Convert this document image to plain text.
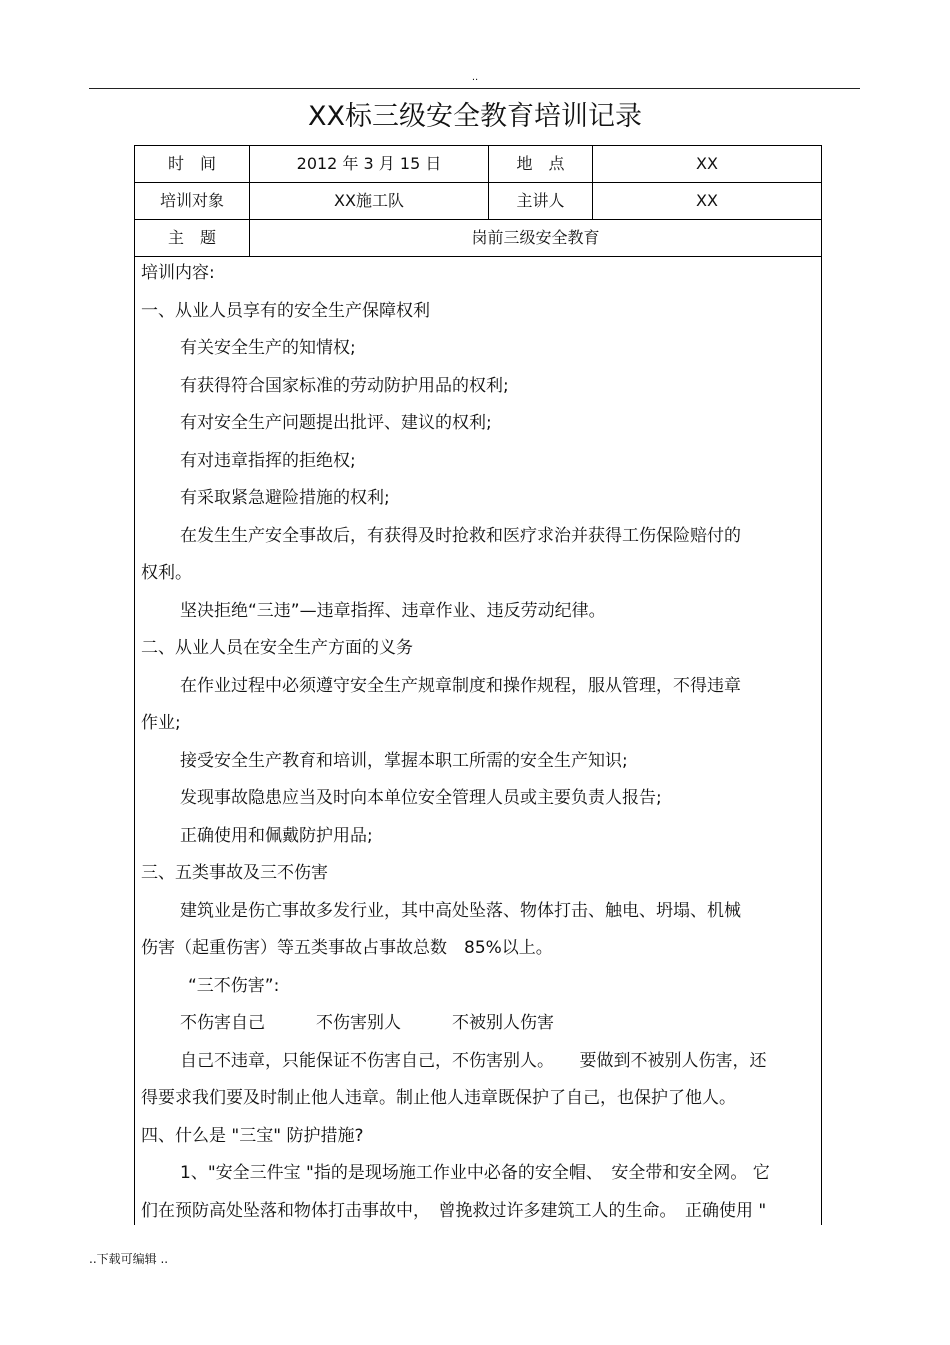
..
XX标三级安全教育培训记录
时　间	2012 年 3 月 15 日	地　点	XX
培训对象	XX施工队	主讲人	XX
主　题	岗前三级安全教育
培训内容:
一、从业人员享有的安全生产保障权利
有关安全生产的知情权;
有获得符合国家标准的劳动防护用品的权利;
有对安全生产问题提出批评、建议的权利;
有对违章指挥的拒绝权;
有采取紧急避险措施的权利;
在发生生产安全事故后，有获得及时抢救和医疗求治并获得工伤保险赔付的
权利。
坚决拒绝“三违”—违章指挥、违章作业、违反劳动纪律。
二、从业人员在安全生产方面的义务
在作业过程中必须遵守安全生产规章制度和操作规程，服从管理，不得违章
作业;
接受安全生产教育和培训，掌握本职工所需的安全生产知识;
发现事故隐患应当及时向本单位安全管理人员或主要负责人报告;
正确使用和佩戴防护用品;
三、五类事故及三不伤害
建筑业是伤亡事故多发行业，其中高处坠落、物体打击、触电、坍塌、机械
伤害（起重伤害）等五类事故占事故总数　85%以上。
“三不伤害”:
不伤害自己　　　不伤害别人　　　不被别人伤害
自己不违章，只能保证不伤害自己，不伤害别人。　　要做到不被别人伤害，还
得要求我们要及时制止他人违章。制止他人违章既保护了自己，也保护了他人。
四、什么是 "三宝" 防护措施?
1、"安全三件宝 "指的是现场施工作业中必备的安全帽、　安全带和安全网。 它
们在预防高处坠落和物体打击事故中，　曾挽救过许多建筑工人的生命。　正确使用 "
..下载可编辑 ..
